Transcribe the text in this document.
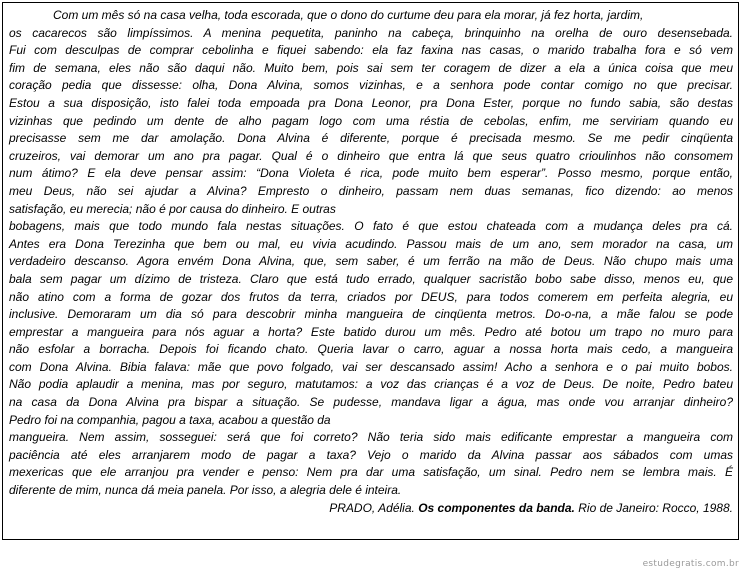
Com um mês só na casa velha, toda escorada, que o dono do curtume deu para ela morar, já fez horta, jardim,
os cacarecos são limpíssimos. A menina pequetita, paninho na cabeça, brinquinho na orelha de ouro desensebada.
Fui com desculpas de comprar cebolinha e fiquei sabendo: ela faz faxina nas casas, o marido trabalha fora e só vem
fim de semana, eles não são daqui não. Muito bem, pois sai sem ter coragem de dizer a ela a única coisa que meu
coração pedia que dissesse: olha, Dona Alvina, somos vizinhas, e a senhora pode contar comigo no que precisar.
Estou a sua disposição, isto falei toda empoada pra Dona Leonor, pra Dona Ester, porque no fundo sabia, são destas
vizinhas que pedindo um dente de alho pagam logo com uma réstia de cebolas, enfim, me serviriam quando eu
precisasse sem me dar amolação. Dona Alvina é diferente, porque é precisada mesmo. Se me pedir cinqüenta
cruzeiros, vai demorar um ano pra pagar. Qual é o dinheiro que entra lá que seus quatro crioulinhos não consomem
num átimo? E ela deve pensar assim: “Dona Violeta é rica, pode muito bem esperar”. Posso mesmo, porque então,
meu Deus, não sei ajudar a Alvina? Empresto o dinheiro, passam nem duas semanas, fico dizendo: ao menos
satisfação, eu merecia; não é por causa do dinheiro. E outras
bobagens, mais que todo mundo fala nestas situações. O fato é que estou chateada com a mudança deles pra cá.
Antes era Dona Terezinha que bem ou mal, eu vivia acudindo. Passou mais de um ano, sem morador na casa, um
verdadeiro descanso. Agora envém Dona Alvina, que, sem saber, é um ferrão na mão de Deus. Não chupo mais uma
bala sem pagar um dízimo de tristeza. Claro que está tudo errado, qualquer sacristão bobo sabe disso, menos eu, que
não atino com a forma de gozar dos frutos da terra, criados por DEUS, para todos comerem em perfeita alegria, eu
inclusive. Demoraram um dia só para descobrir minha mangueira de cinqüenta metros. Do-o-na, a mãe falou se pode
emprestar a mangueira para nós aguar a horta? Este batido durou um mês. Pedro até botou um trapo no muro para
não esfolar a borracha. Depois foi ficando chato. Queria lavar o carro, aguar a nossa horta mais cedo, a mangueira
com Dona Alvina. Bibia falava: mãe que povo folgado, vai ser descansado assim! Acho a senhora e o pai muito bobos.
Não podia aplaudir a menina, mas por seguro, matutamos: a voz das crianças é a voz de Deus. De noite, Pedro bateu
na casa da Dona Alvina pra bispar a situação. Se pudesse, mandava ligar a água, mas onde vou arranjar dinheiro?
Pedro foi na companhia, pagou a taxa, acabou a questão da
mangueira. Nem assim, sosseguei: será que foi correto? Não teria sido mais edificante emprestar a mangueira com
paciência até eles arranjarem modo de pagar a taxa? Vejo o marido da Alvina passar aos sábados com umas
mexericas que ele arranjou pra vender e penso: Nem pra dar uma satisfação, um sinal. Pedro nem se lembra mais. É
diferente de mim, nunca dá meia panela. Por isso, a alegria dele é inteira.
PRADO, Adélia. Os componentes da banda. Rio de Janeiro: Rocco, 1988.
estudegratis.com.br
